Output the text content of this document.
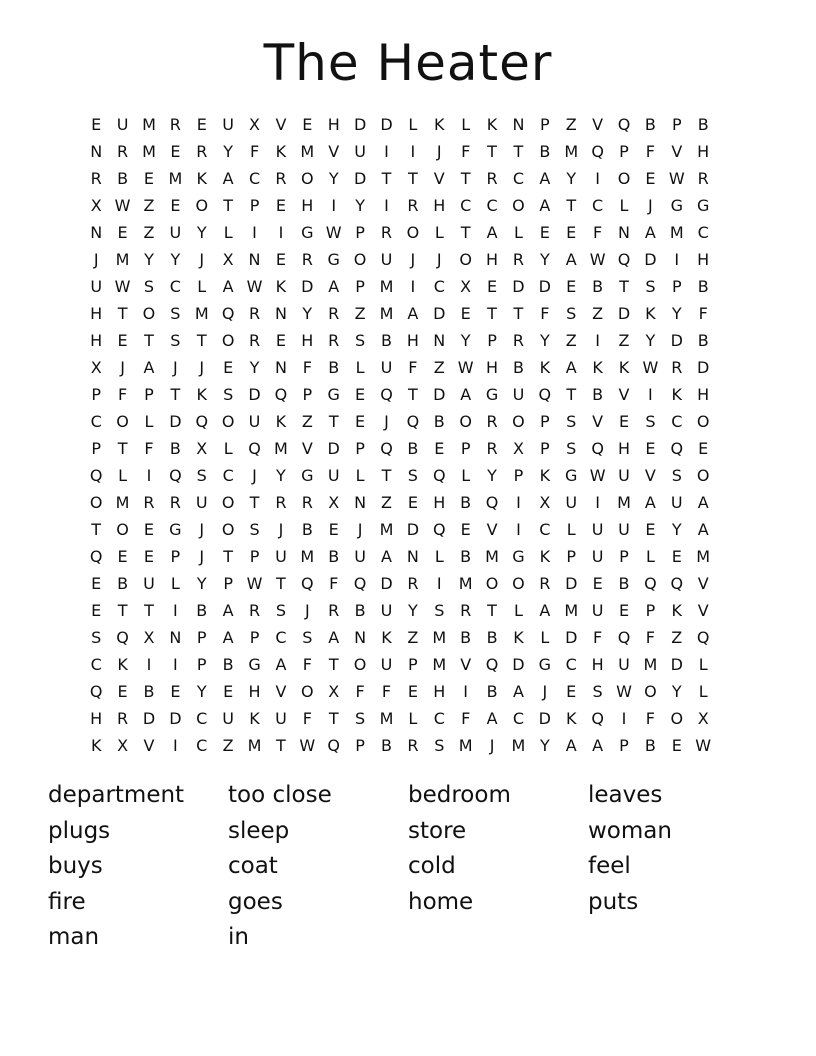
The Heater
E U M R E U X V E H D D L	K	L	K N P	Z V Q B	P	B
N R M E R Y	F	K M V U	I	I	J	F	T	T	B M Q P	F	V H
R B E M K A C R O Y D T	T	V	T R C A	Y	I	O E W R
X W Z E O T	P	E H	I	Y	I	R H C C O A	T C	L	J	G G
N E Z U Y	L	I	I	G W P	R O L	T	A	L	E	E	F N A M C
J	M Y	Y	J	X N E R G O U	J	J	O H R Y	A W Q D	I	H
U W S C	L	A W K D A	P M	I	C X E D D E B	T	S	P	B
H T O S M Q R N Y R Z M A D E	T	T	F	S Z D K	Y	F
H E	T	S	T O R E H R S B H N Y	P	R Y	Z	I	Z	Y D B
X	J	A	J	J	E	Y N F	B	L	U F	Z W H B K A K K W R D
P	F	P	T	K	S D Q P G E Q T D A G U Q T	B V	I	K H
C O L D Q O U K Z	T	E	J	Q B O R O P	S V E	S C O
P	T	F	B X	L Q M V D P Q B E	P	R X	P	S Q H E Q E
Q L	I	Q S C	J	Y G U	L	T	S Q L	Y	P	K G W U V S O
O M R R U O T R R X N Z E H B Q	I	X U	I	M A U A
T O E G	J	O S	J	B E	J	M D Q E V	I	C	L	U U E	Y	A
Q E	E	P	J	T	P U M B U A N L	B M G K	P U P	L	E M
E B U	L	Y	P W T Q F Q D R	I	M O O R D E B Q Q V
E	T	T	I	B A R S	J	R B U Y	S R T	L	A M U E	P	K V
S Q X N P	A	P C S A N K Z M B B K	L D F Q F	Z Q
C K	I	I	P	B G A	F	T O U P M V Q D G C H U M D L
Q E B E	Y	E H V O X	F	F	E H	I	B A	J	E	S W O Y	L
H R D D C U K U F	T	S M L	C	F	A C D K Q	I	F O X
K X V	I	C Z M T W Q P	B R S M	J	M Y	A A	P	B E W
department	too close	bedroom	leaves
plugs	sleep	store	woman
buys	coat	cold	feel
fire	goes	home	puts
man	in
